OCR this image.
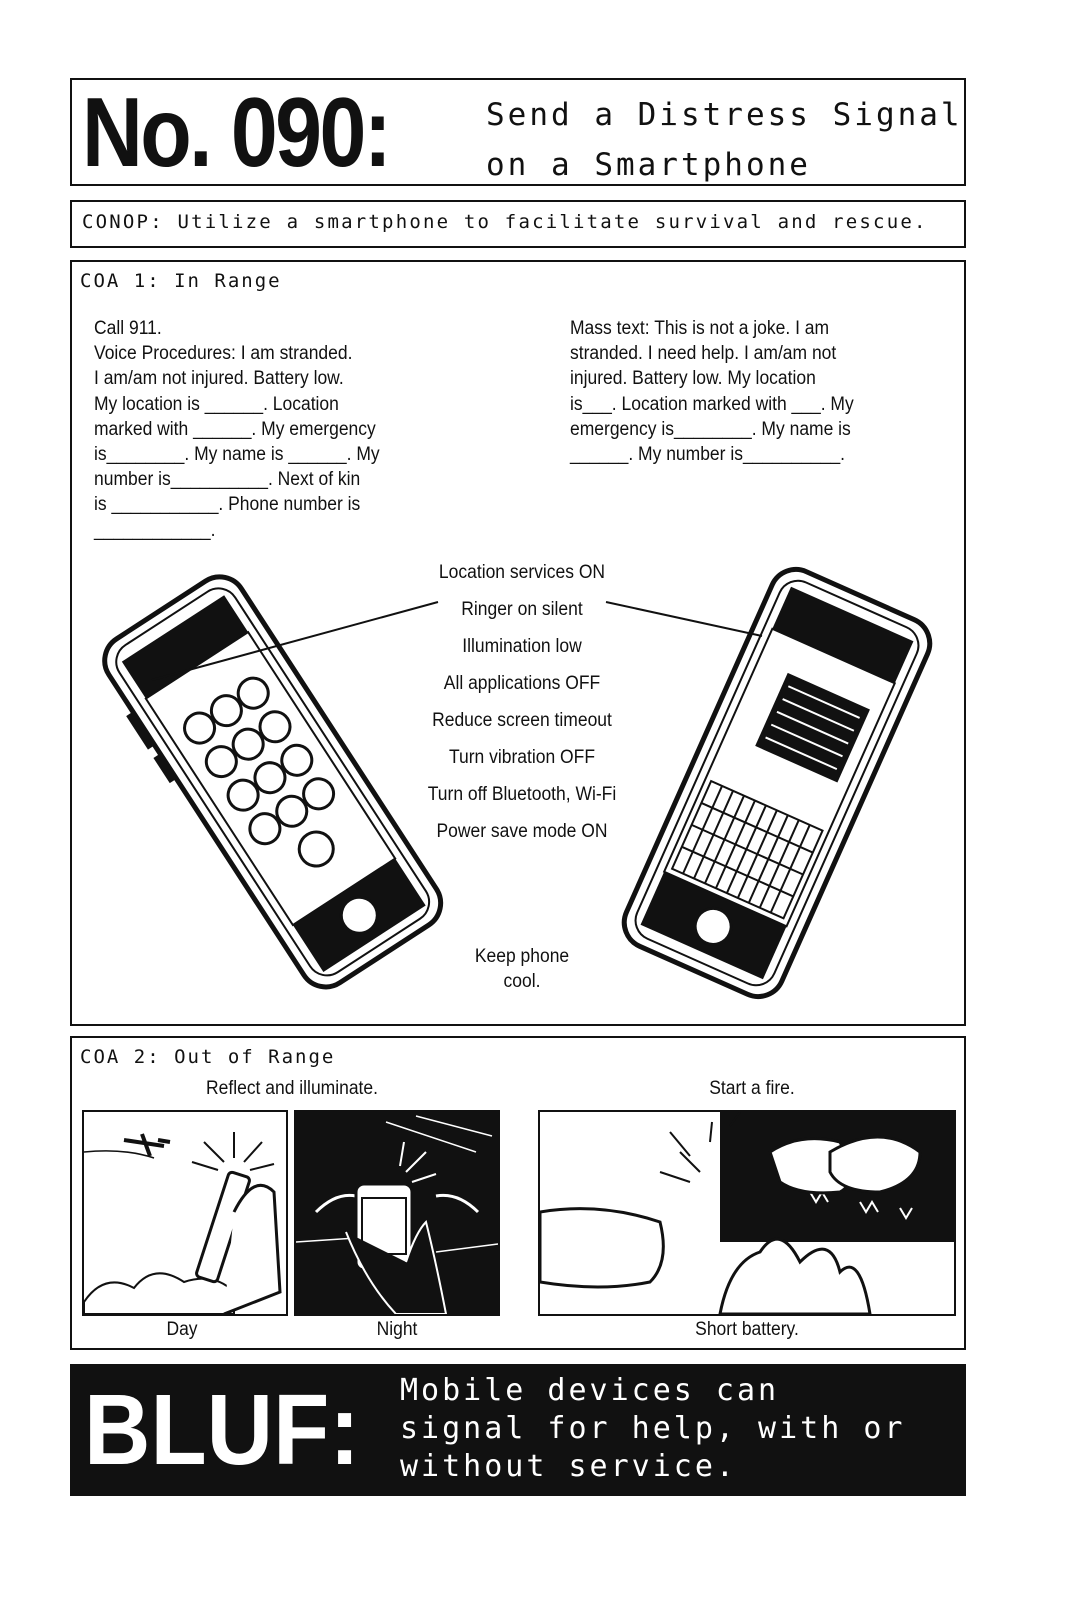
No. 090:	Send a Distress Signal
on a Smartphone
CONOP: Utilize a smartphone to facilitate survival and rescue.
COA 1: In Range
Call 911.
Voice Procedures: I am stranded.
I am/am not injured. Battery low.
My location is ______. Location
marked with ______. My emergency
is________. My name is ______. My
number is__________. Next of kin
is ___________. Phone number is
____________.
Mass text: This is not a joke. I am
stranded. I need help. I am/am not
injured. Battery low. My location
is___. Location marked with ___. My
emergency is________. My name is
______. My number is__________.
Location services ON
Ringer on silent
Illumination low
All applications OFF
Reduce screen timeout
Turn vibration OFF
Turn off Bluetooth, Wi-Fi
Power save mode ON
Keep phone
cool.
COA 2: Out of Range
Reflect and illuminate.	Start a fire.
Day	Night	Short battery.
BLUF: Mobile devices can
signal for help, with or
without service.
